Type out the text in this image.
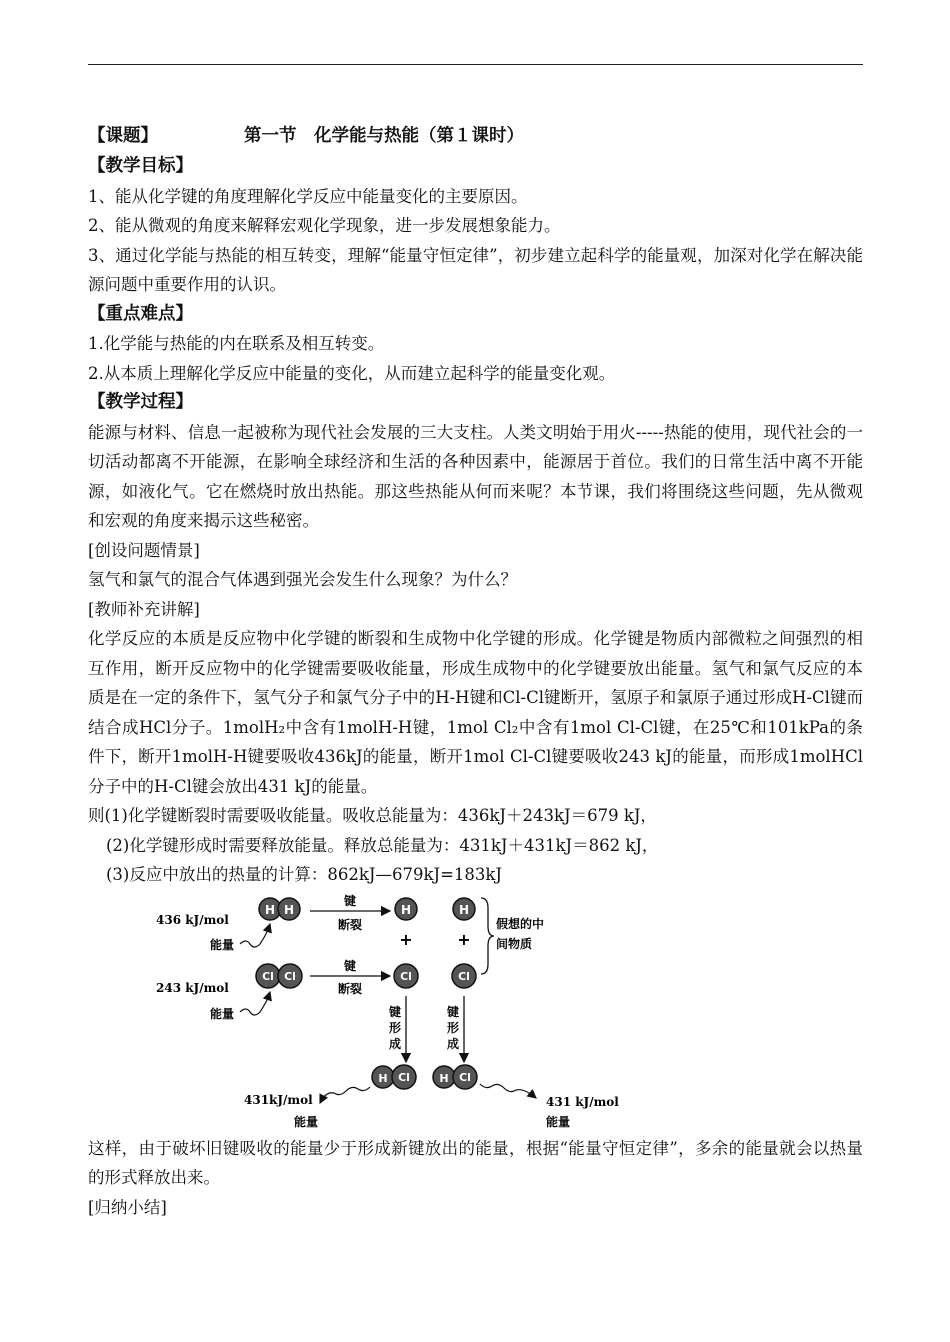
【课题】	第一节　化学能与热能（第１课时）
【教学目标】
1、能从化学键的角度理解化学反应中能量变化的主要原因。
2、能从微观的角度来解释宏观化学现象，进一步发展想象能力。
3、通过化学能与热能的相互转变，理解“能量守恒定律”，初步建立起科学的能量观，加深对化学在解决能源问题中重要作用的认识。
【重点难点】
1.化学能与热能的内在联系及相互转变。
2.从本质上理解化学反应中能量的变化，从而建立起科学的能量变化观。
【教学过程】
能源与材料、信息一起被称为现代社会发展的三大支柱。人类文明始于用火-----热能的使用，现代社会的一切活动都离不开能源，在影响全球经济和生活的各种因素中，能源居于首位。我们的日常生活中离不开能源，如液化气。它在燃烧时放出热能。那这些热能从何而来呢？本节课，我们将围绕这些问题，先从微观和宏观的角度来揭示这些秘密。
[创设问题情景]
氢气和氯气的混合气体遇到强光会发生什么现象？为什么？
[教师补充讲解]
化学反应的本质是反应物中化学键的断裂和生成物中化学键的形成。化学键是物质内部微粒之间强烈的相互作用，断开反应物中的化学键需要吸收能量，形成生成物中的化学键要放出能量。氢气和氯气反应的本质是在一定的条件下，氢气分子和氯气分子中的H-H键和Cl-Cl键断开，氢原子和氯原子通过形成H-Cl键而结合成HCl分子。1molH₂中含有1molH-H键，1mol Cl₂中含有1mol Cl-Cl键，在25℃和101kPa的条件下，断开1molH-H键要吸收436kJ的能量，断开1mol Cl-Cl键要吸收243 kJ的能量，而形成1molHCl分子中的H-Cl键会放出431 kJ的能量。
则(1)化学键断裂时需要吸收能量。吸收总能量为：436kJ＋243kJ＝679 kJ，
(2)化学键形成时需要释放能量。释放总能量为：431kJ＋431kJ＝862 kJ，
(3)反应中放出的热量的计算：862kJ—679kJ=183kJ
H H
键
断裂
H	H
+	+
假想的中
间物质
436 kJ/mol
能量
Cl Cl
键
断裂
Cl	Cl
243 kJ/mol
能量	键
形
成
键
形
成
H Cl	H Cl
431kJ/mol
能量
431 kJ/mol
能量
这样，由于破坏旧键吸收的能量少于形成新键放出的能量，根据“能量守恒定律”，多余的能量就会以热量的形式释放出来。
[归纳小结]
